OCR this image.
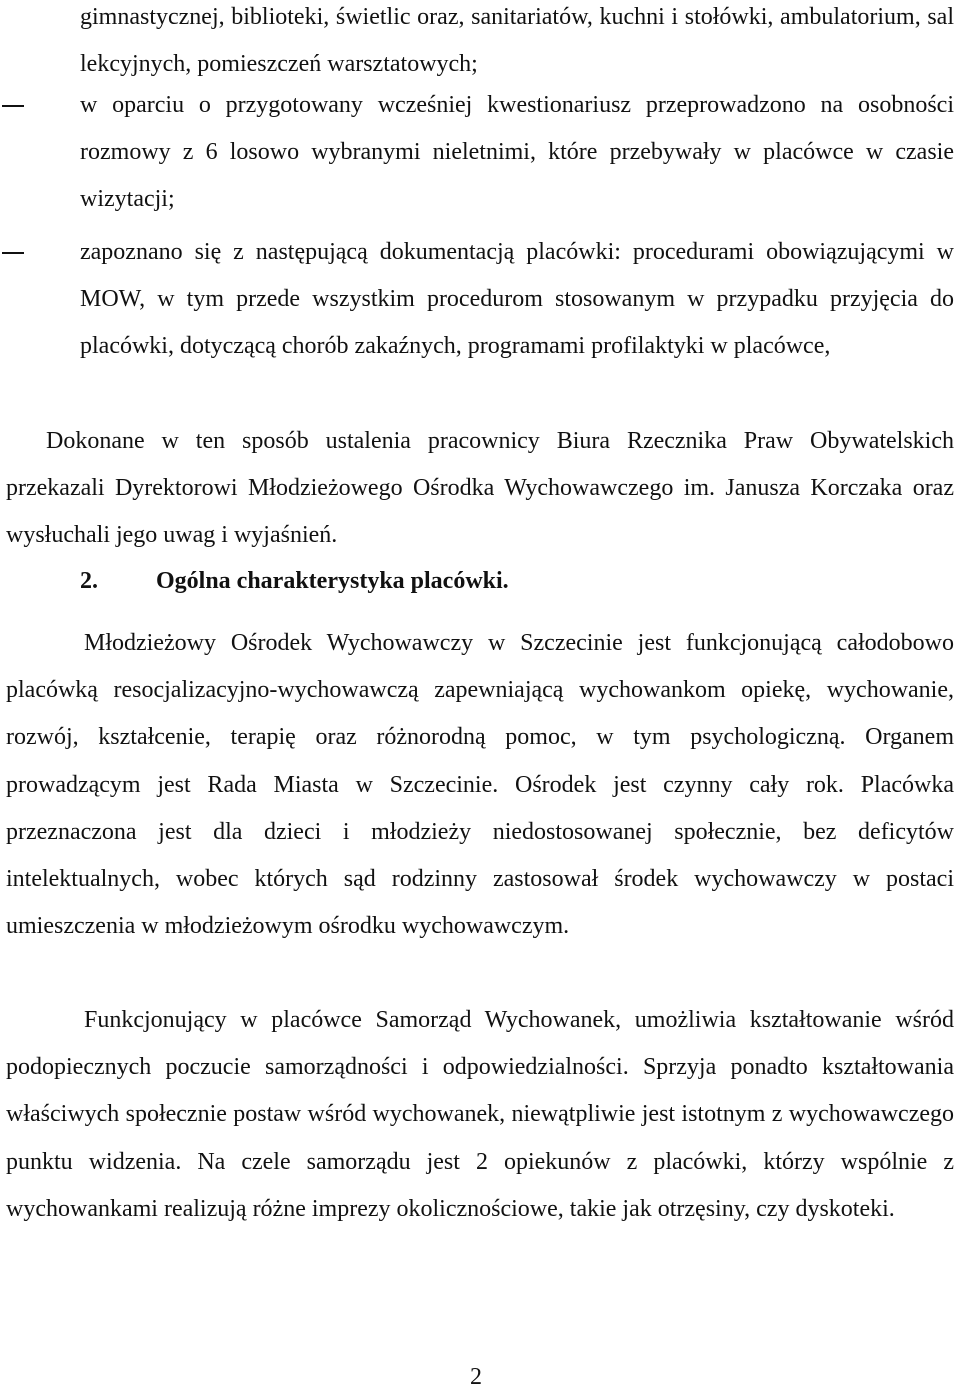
gimnastycznej, biblioteki, świetlic oraz, sanitariatów, kuchni i stołówki, ambulatorium, sal lekcyjnych, pomieszczeń warsztatowych;
w oparciu o przygotowany wcześniej kwestionariusz przeprowadzono na osobności rozmowy z 6 losowo wybranymi nieletnimi, które przebywały w placówce w czasie wizytacji;
zapoznano się z następującą dokumentacją placówki: procedurami obowiązującymi w MOW, w tym przede wszystkim procedurom stosowanym w przypadku przyjęcia do placówki, dotyczącą chorób zakaźnych, programami profilaktyki w placówce,
Dokonane w ten sposób ustalenia pracownicy Biura Rzecznika Praw Obywatelskich przekazali Dyrektorowi Młodzieżowego Ośrodka Wychowawczego im. Janusza Korczaka oraz wysłuchali jego uwag i wyjaśnień.
2. Ogólna charakterystyka placówki.
Młodzieżowy Ośrodek Wychowawczy w Szczecinie jest funkcjonującą całodobowo placówką resocjalizacyjno-wychowawczą zapewniającą wychowankom opiekę, wychowanie, rozwój, kształcenie, terapię oraz różnorodną pomoc, w tym psychologiczną. Organem prowadzącym jest Rada Miasta w Szczecinie. Ośrodek jest czynny cały rok. Placówka przeznaczona jest dla dzieci i młodzieży niedostosowanej społecznie, bez deficytów intelektualnych, wobec których sąd rodzinny zastosował środek wychowawczy w postaci umieszczenia w młodzieżowym ośrodku wychowawczym.
Funkcjonujący w placówce Samorząd Wychowanek, umożliwia kształtowanie wśród podopiecznych poczucie samorządności i odpowiedzialności. Sprzyja ponadto kształtowania właściwych społecznie postaw wśród wychowanek, niewątpliwie jest istotnym z wychowawczego punktu widzenia. Na czele samorządu jest 2 opiekunów z placówki, którzy wspólnie z wychowankami realizują różne imprezy okolicznościowe, takie jak otrzęsiny, czy dyskoteki.
2
